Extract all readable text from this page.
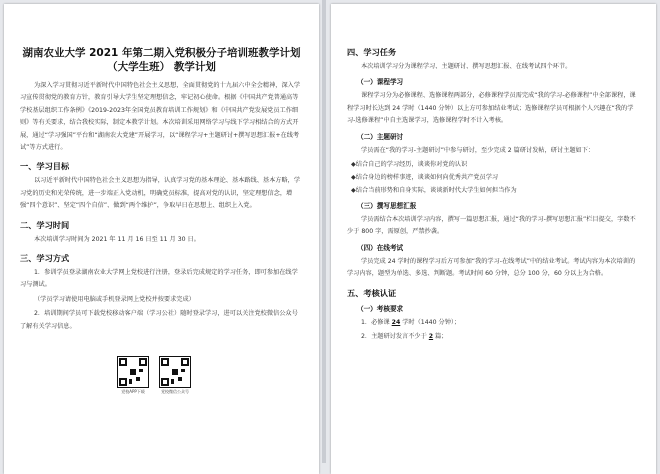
湖南农业大学 2021 年第二期入党积极分子培训班教学计划（大学生班） 教学计划
为深入学习贯彻习近平新时代中国特色社会主义思想，全面贯彻党的十九届六中全会精神，深入学习宣传贯彻党的教育方针，教育引导大学生坚定理想信念，牢记初心使命。根据《中国共产党普通高等学校基层组织工作条例》《2019-2023年全国党员教育培训工作规划》和《中国共产党发展党员工作细则》等有关要求，结合我校实际，制定本教学计划。本次培训采用网络学习与线下学习相结合的方式开展，通过“学习强国”平台和“湖南农大党建”开展学习，以“课程学习+主题研讨+撰写思想汇报+在线考试”等方式进行。
一、学习目标
以习近平新时代中国特色社会主义思想为指导，认真学习党的基本理论、基本路线、基本方略，学习党的历史和光荣传统，进一步端正入党动机，明确党员标准，提高对党的认识，坚定理想信念，增强“四个意识”、坚定“四个自信”、做到“两个维护”，争取早日在思想上、组织上入党。
二、学习时间
本次培训学习时间为 2021 年 11 月 16 日至 11 月 30 日。
三、学习方式
1．参训学员登录湖南农业大学网上党校进行注册，登录后完成规定的学习任务，即可参加在线学习与测试。
（学员学习请使用电脑或手机登录网上党校并按要求完成）
2．培训期间学员可下载党校移动客户端（学习公社）随时登录学习，进可以关注党校微信公众号了解有关学习信息。
党校APP下载	党校微信公众号
四、学习任务
本次培训学习分为课程学习、主题研讨、撰写思想汇报、在线考试四个环节。
（一）课程学习
课程学习分为必修课程、选修课程两部分，必修课程学员需完成“我的学习-必修课程”中全部课程，课程学习时长达到 24 学时（1440 分钟）以上方可参加结业考试；选修课程学员可根据个人兴趣在“我的学习-选修课程”中自主选课学习，选修课程学时不计入考核。
（二）主题研讨
学员需在“我的学习-主题研讨”中参与研讨，至少完成 2 篇研讨发帖，研讨主题如下：
◆结合自己的学习经历，谈谈你对党的认识
◆结合身边的榜样事迹，谈谈如何向优秀共产党员学习
◆结合当前形势和自身实际，谈谈新时代大学生如何担当作为
（三）撰写思想汇报
学员需结合本次培训学习内容，撰写一篇思想汇报，通过“我的学习-撰写思想汇报”栏目提交，字数不少于 800 字，需原创，严禁抄袭。
（四）在线考试
学员完成 24 学时的课程学习后方可参加“我的学习-在线考试”中的结业考试。考试内容为本次培训的学习内容，题型为单选、多选、判断题。考试时间 60 分钟，总分 100 分，60 分以上为合格。
五、考核认证
（一）考核要求
1．必修课 24 学时（1440 分钟）；
2．主题研讨发言不少于 2 篇；
